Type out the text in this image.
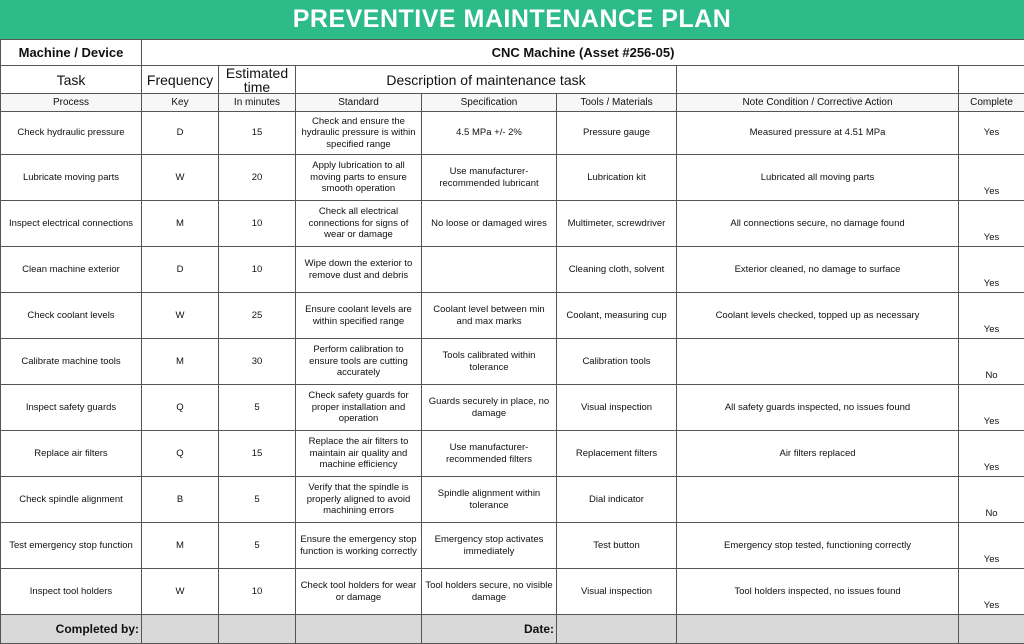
PREVENTIVE MAINTENANCE PLAN
Machine / Device	CNC Machine (Asset #256-05)						
Task	Frequency	Estimated time	Description of maintenance task				
Process	Key	In minutes	Standard	Specification	Tools / Materials	Note Condition / Corrective Action	Complete
Check hydraulic pressure	D	15	Check and ensure the hydraulic pressure is within specified range	4.5 MPa +/- 2%	Pressure gauge	Measured pressure at 4.51 MPa	Yes
Lubricate moving parts	W	20	Apply lubrication to all moving parts to ensure smooth operation	Use manufacturer-recommended lubricant	Lubrication kit	Lubricated all moving parts	Yes
Inspect electrical connections	M	10	Check all electrical connections for signs of wear or damage	No loose or damaged wires	Multimeter, screwdriver	All connections secure, no damage found	Yes
Clean machine exterior	D	10	Wipe down the exterior to remove dust and debris		Cleaning cloth, solvent	Exterior cleaned, no damage to surface	Yes
Check coolant levels	W	25	Ensure coolant levels are within specified range	Coolant level between min and max marks	Coolant, measuring cup	Coolant levels checked, topped up as necessary	Yes
Calibrate machine tools	M	30	Perform calibration to ensure tools are cutting accurately	Tools calibrated within tolerance	Calibration tools		No
Inspect safety guards	Q	5	Check safety guards for proper installation and operation	Guards securely in place, no damage	Visual inspection	All safety guards inspected, no issues found	Yes
Replace air filters	Q	15	Replace the air filters to maintain air quality and machine efficiency	Use manufacturer-recommended filters	Replacement filters	Air filters replaced	Yes
Check spindle alignment	B	5	Verify that the spindle is properly aligned to avoid machining errors	Spindle alignment within tolerance	Dial indicator		No
Test emergency stop function	M	5	Ensure the emergency stop function is working correctly	Emergency stop activates immediately	Test button	Emergency stop tested, functioning correctly	Yes
Inspect tool holders	W	10	Check tool holders for wear or damage	Tool holders secure, no visible damage	Visual inspection	Tool holders inspected, no issues found	Yes
Completed by:				Date:			
